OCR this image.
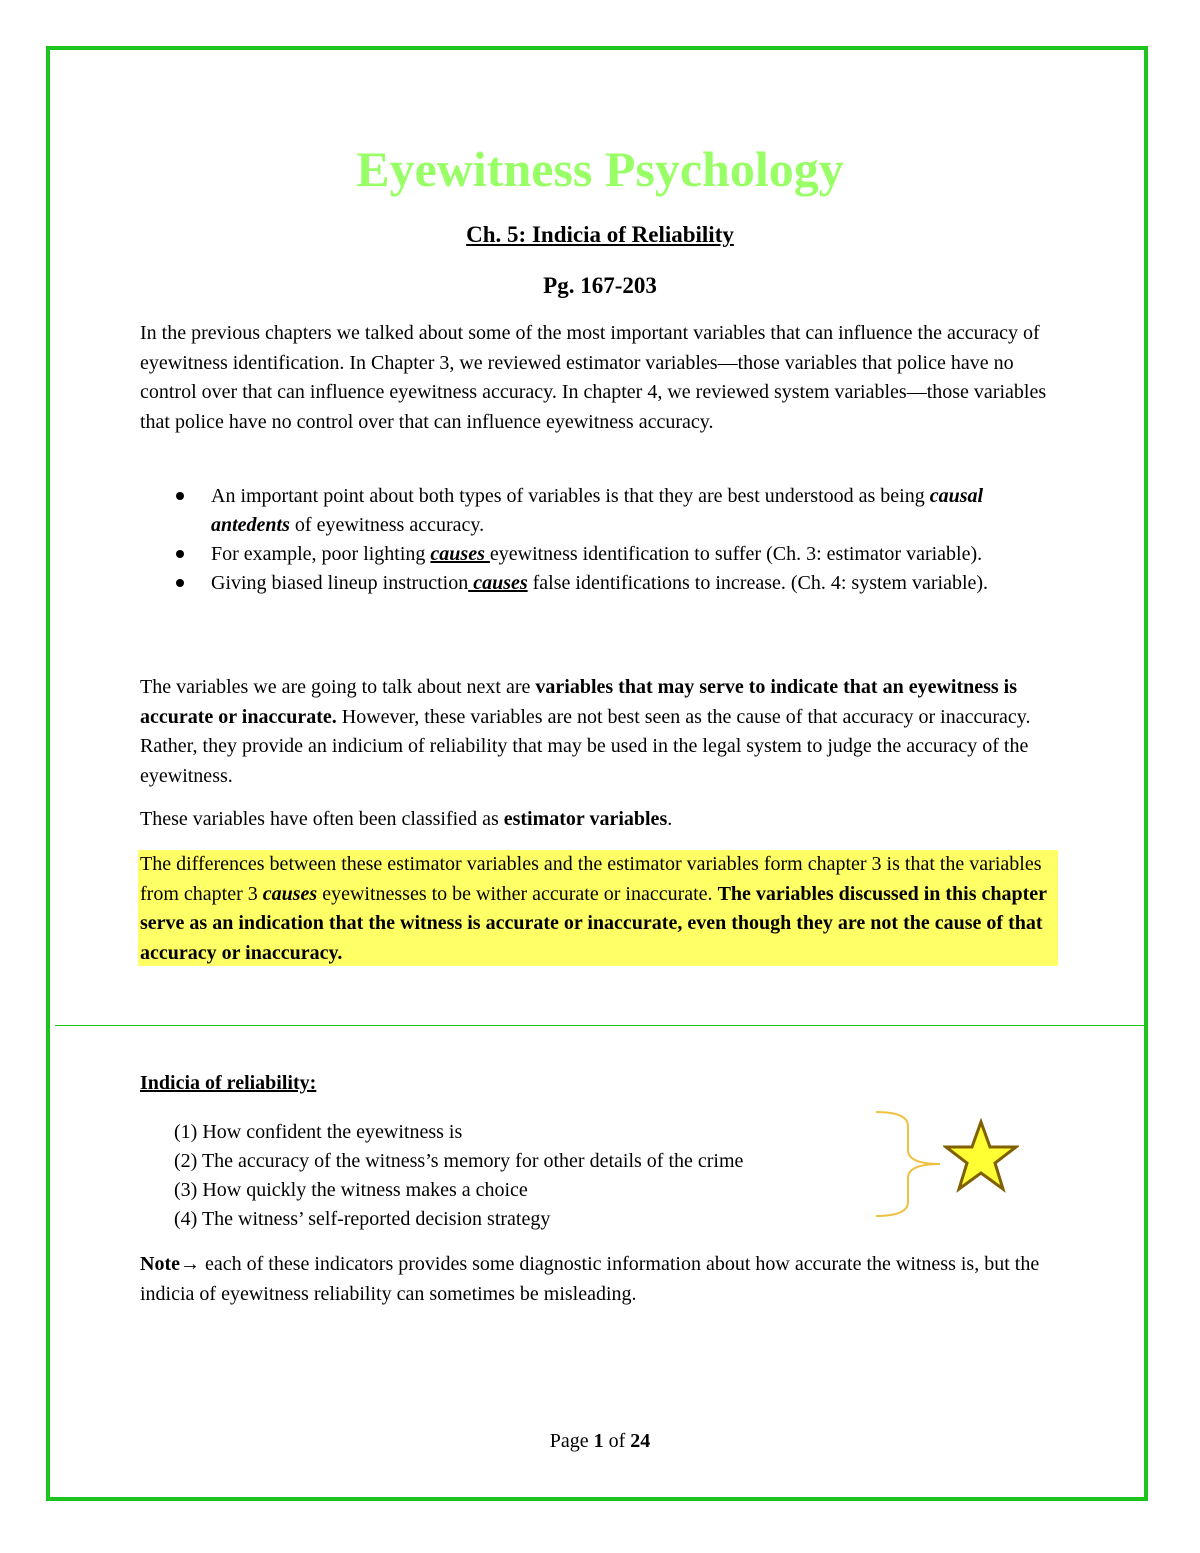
Eyewitness Psychology
Ch. 5: Indicia of Reliability
Pg. 167-203

In the previous chapters we talked about some of the most important variables that can influence the accuracy of eyewitness identification. In Chapter 3, we reviewed estimator variables—those variables that police have no control over that can influence eyewitness accuracy. In chapter 4, we reviewed system variables—those variables that police have no control over that can influence eyewitness accuracy.

An important point about both types of variables is that they are best understood as being causal antedents of eyewitness accuracy.
For example, poor lighting causes eyewitness identification to suffer (Ch. 3: estimator variable).
Giving biased lineup instruction causes false identifications to increase. (Ch. 4: system variable).

The variables we are going to talk about next are variables that may serve to indicate that an eyewitness is accurate or inaccurate. However, these variables are not best seen as the cause of that accuracy or inaccuracy. Rather, they provide an indicium of reliability that may be used in the legal system to judge the accuracy of the eyewitness.

These variables have often been classified as estimator variables.

The differences between these estimator variables and the estimator variables form chapter 3 is that the variables from chapter 3 causes eyewitnesses to be wither accurate or inaccurate. The variables discussed in this chapter serve as an indication that the witness is accurate or inaccurate, even though they are not the cause of that accuracy or inaccuracy.

Indicia of reliability:
(1) How confident the eyewitness is
(2) The accuracy of the witness’s memory for other details of the crime
(3) How quickly the witness makes a choice
(4) The witness’ self-reported decision strategy

Note→ each of these indicators provides some diagnostic information about how accurate the witness is, but the indicia of eyewitness reliability can sometimes be misleading.

Page 1 of 24
